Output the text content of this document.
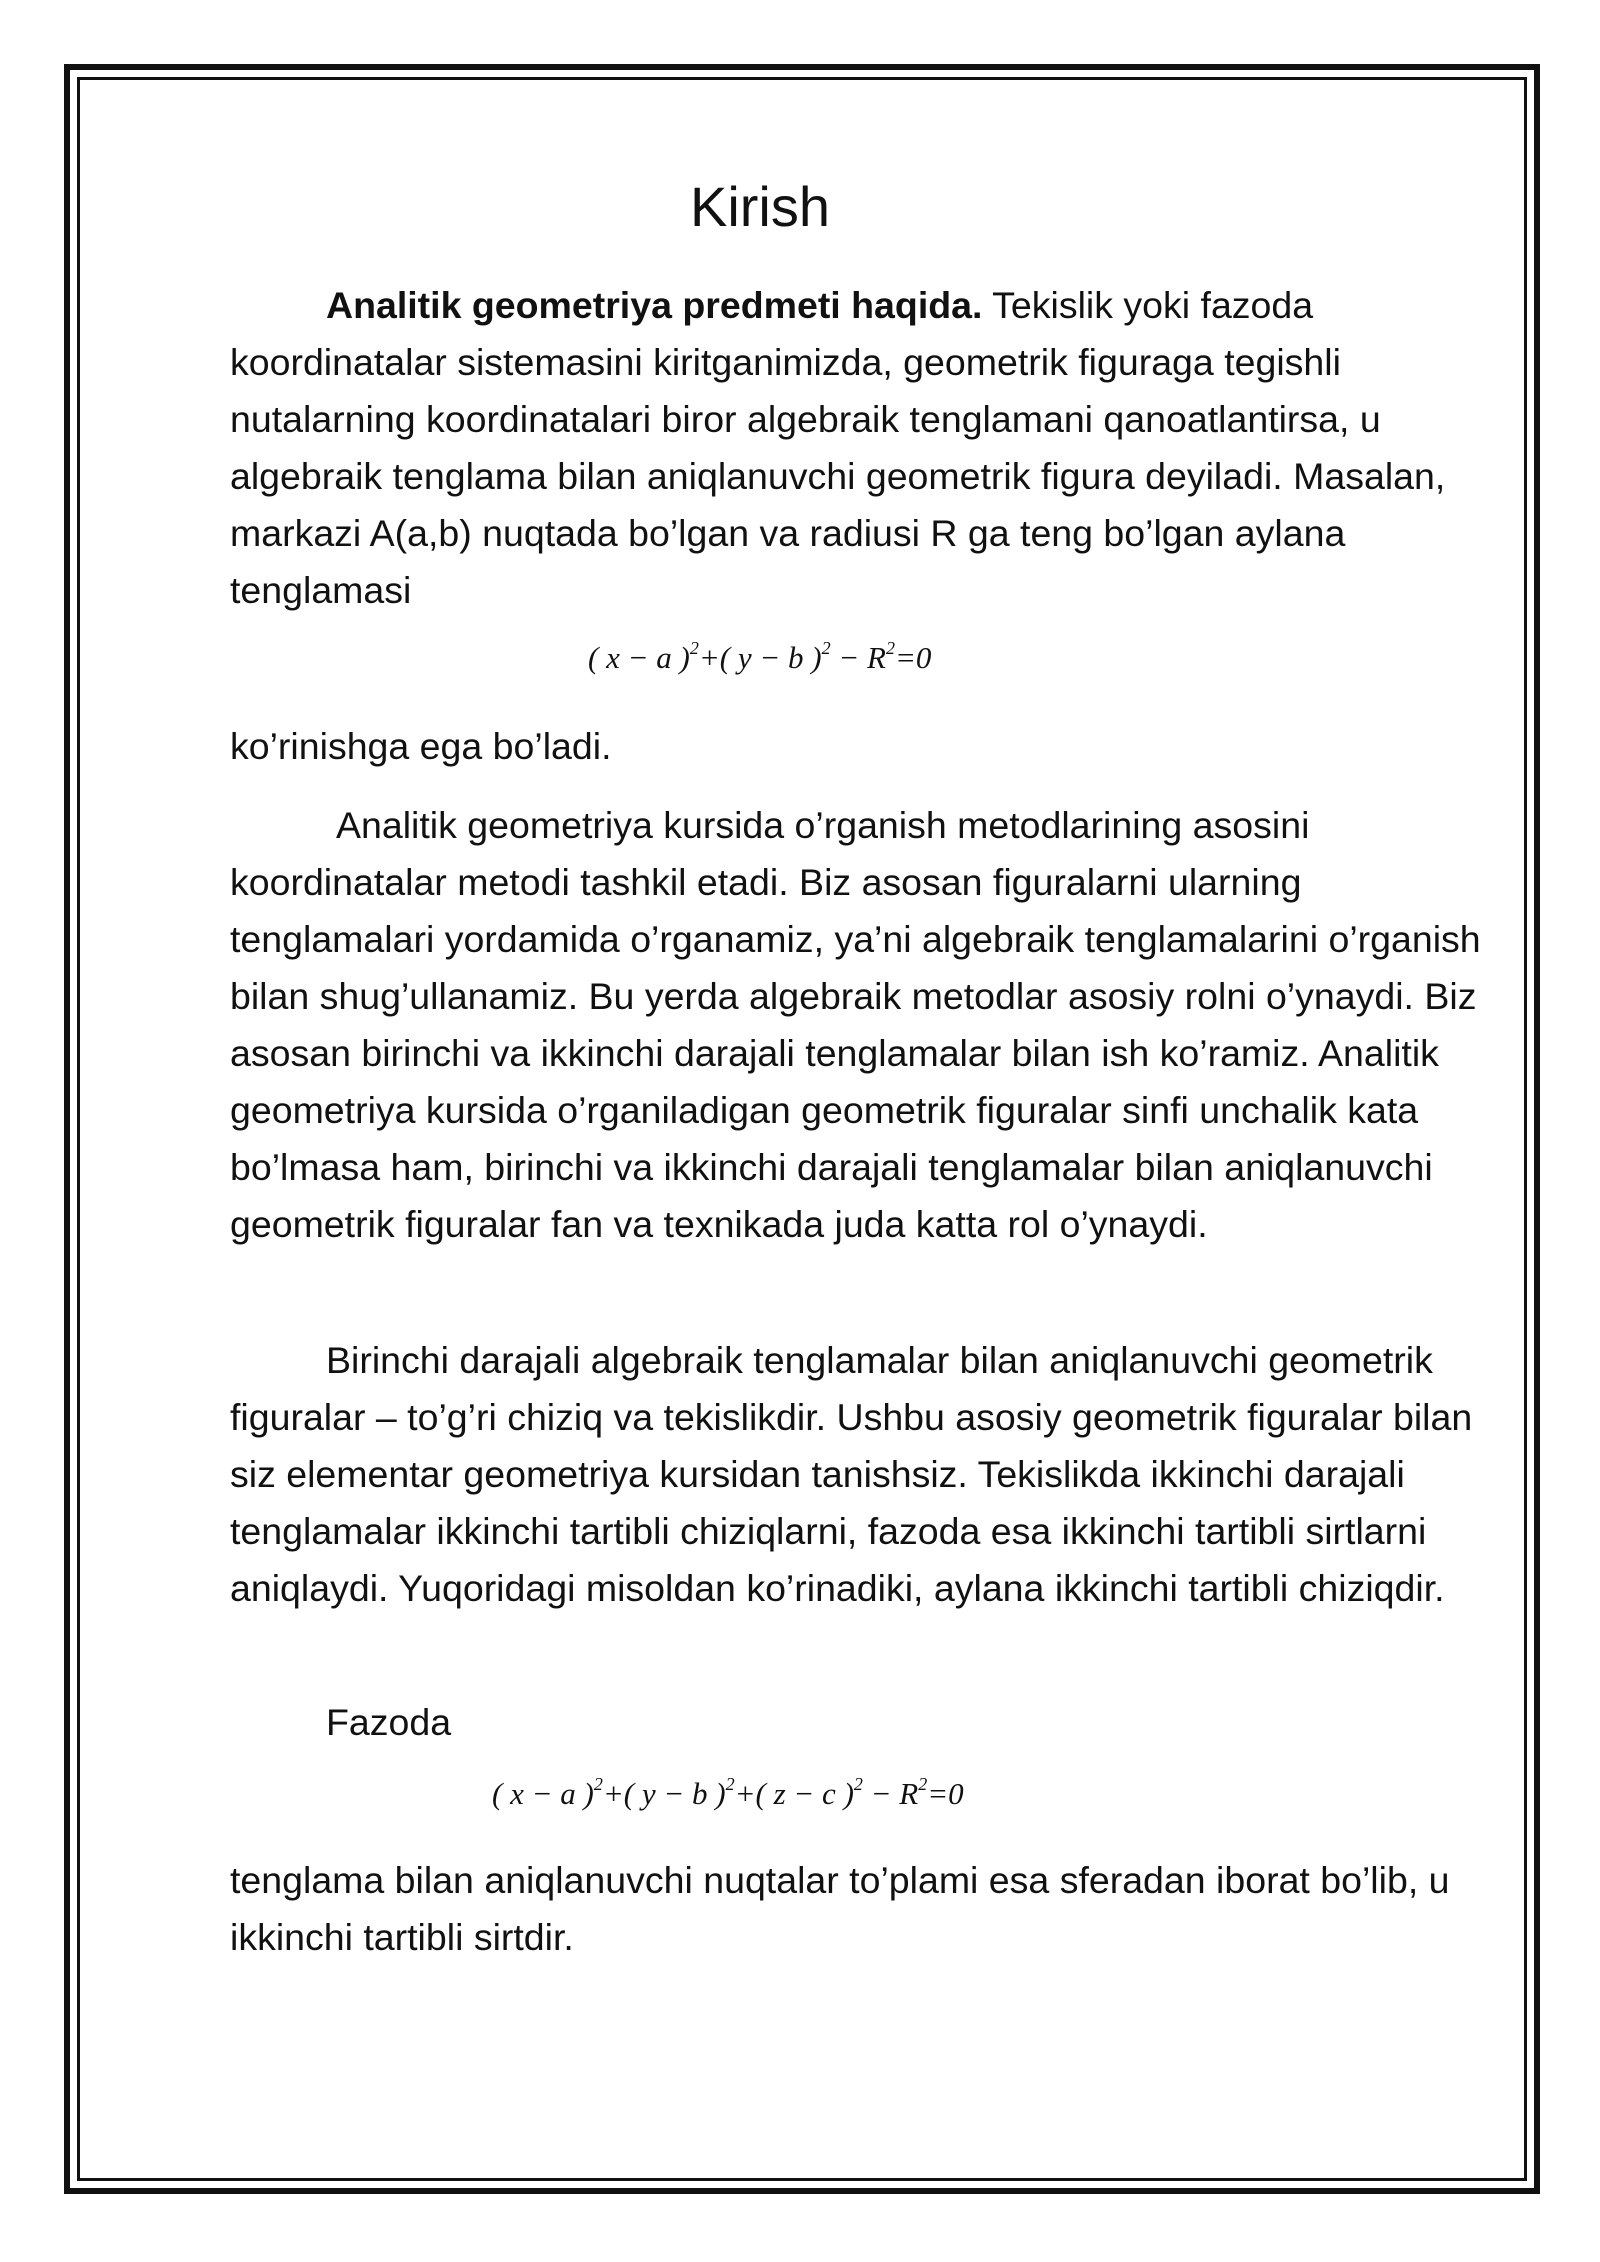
Kirish

Analitik geometriya predmeti haqida. Tekislik yoki fazoda koordinatalar sistemasini kiritganimizda, geometrik figuraga tegishli nutalarning koordinatalari biror algebraik tenglamani qanoatlantirsa, u algebraik tenglama bilan aniqlanuvchi geometrik figura deyiladi. Masalan, markazi A(a,b) nuqtada bo’lgan va radiusi R ga teng bo’lgan aylana tenglamasi

( x − a )$^2$+( y − b )$^2 - R^2=0$

ko’rinishga ega bo’ladi.

Analitik geometriya kursida o’rganish metodlarining asosini koordinatalar metodi tashkil etadi. Biz asosan figuralarni ularning tenglamalari yordamida o’rganamiz, ya’ni algebraik tenglamalarini o’rganish bilan shug’ullanamiz. Bu yerda algebraik metodlar asosiy rolni o’ynaydi. Biz asosan birinchi va ikkinchi darajali tenglamalar bilan ish ko’ramiz. Analitik geometriya kursida o’rganiladigan geometrik figuralar sinfi unchalik kata bo’lmasa ham, birinchi va ikkinchi darajali tenglamalar bilan aniqlanuvchi geometrik figuralar fan va texnikada juda katta rol o’ynaydi.

Birinchi darajali algebraik tenglamalar bilan aniqlanuvchi geometrik figuralar – to’g’ri chiziq va tekislikdir. Ushbu asosiy geometrik figuralar bilan siz elementar geometriya kursidan tanishsiz. Tekislikda ikkinchi darajali tenglamalar ikkinchi tartibli chiziqlarni, fazoda esa ikkinchi tartibli sirtlarni aniqlaydi. Yuqoridagi misoldan ko’rinadiki, aylana ikkinchi tartibli chiziqdir.

Fazoda

( x − a )$^2$+( y − b )$^2$+( z − c )$^2 - R^2=0$

tenglama bilan aniqlanuvchi nuqtalar to’plami esa sferadan iborat bo’lib, u ikkinchi tartibli sirtdir.
